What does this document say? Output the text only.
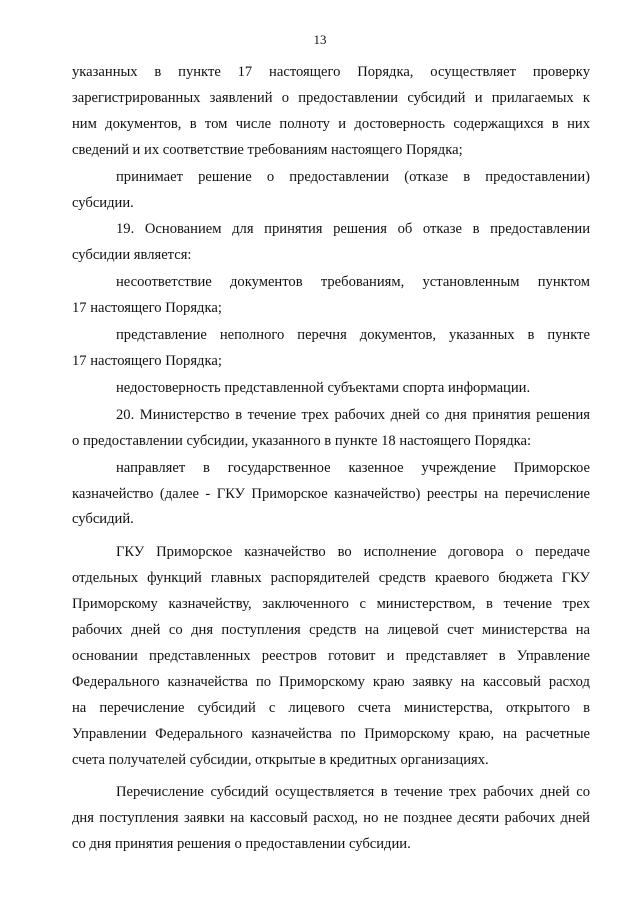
13
указанных в пункте 17 настоящего Порядка, осуществляет проверку
зарегистрированных заявлений о предоставлении субсидий и прилагаемых к
ним документов, в том числе полноту и достоверность содержащихся в них
сведений и их соответствие требованиям настоящего Порядка;
принимает решение о предоставлении (отказе в предоставлении)
субсидии.
19. Основанием для принятия решения об отказе в предоставлении
субсидии является:
несоответствие документов требованиям, установленным пунктом
17 настоящего Порядка;
представление неполного перечня документов, указанных в пункте
17 настоящего Порядка;
недостоверность представленной субъектами спорта информации.
20. Министерство в течение трех рабочих дней со дня принятия решения
о предоставлении субсидии, указанного в пункте 18 настоящего Порядка:
направляет в государственное казенное учреждение Приморское
казначейство (далее - ГКУ Приморское казначейство) реестры на перечисление
субсидий.
ГКУ Приморское казначейство во исполнение договора о передаче
отдельных функций главных распорядителей средств краевого бюджета ГКУ
Приморскому казначейству, заключенного с министерством, в течение трех
рабочих дней со дня поступления средств на лицевой счет министерства на
основании представленных реестров готовит и представляет в Управление
Федерального казначейства по Приморскому краю заявку на кассовый расход
на перечисление субсидий с лицевого счета министерства, открытого в
Управлении Федерального казначейства по Приморскому краю, на расчетные
счета получателей субсидии, открытые в кредитных организациях.
Перечисление субсидий осуществляется в течение трех рабочих дней со
дня поступления заявки на кассовый расход, но не позднее десяти рабочих дней
со дня принятия решения о предоставлении субсидии.
